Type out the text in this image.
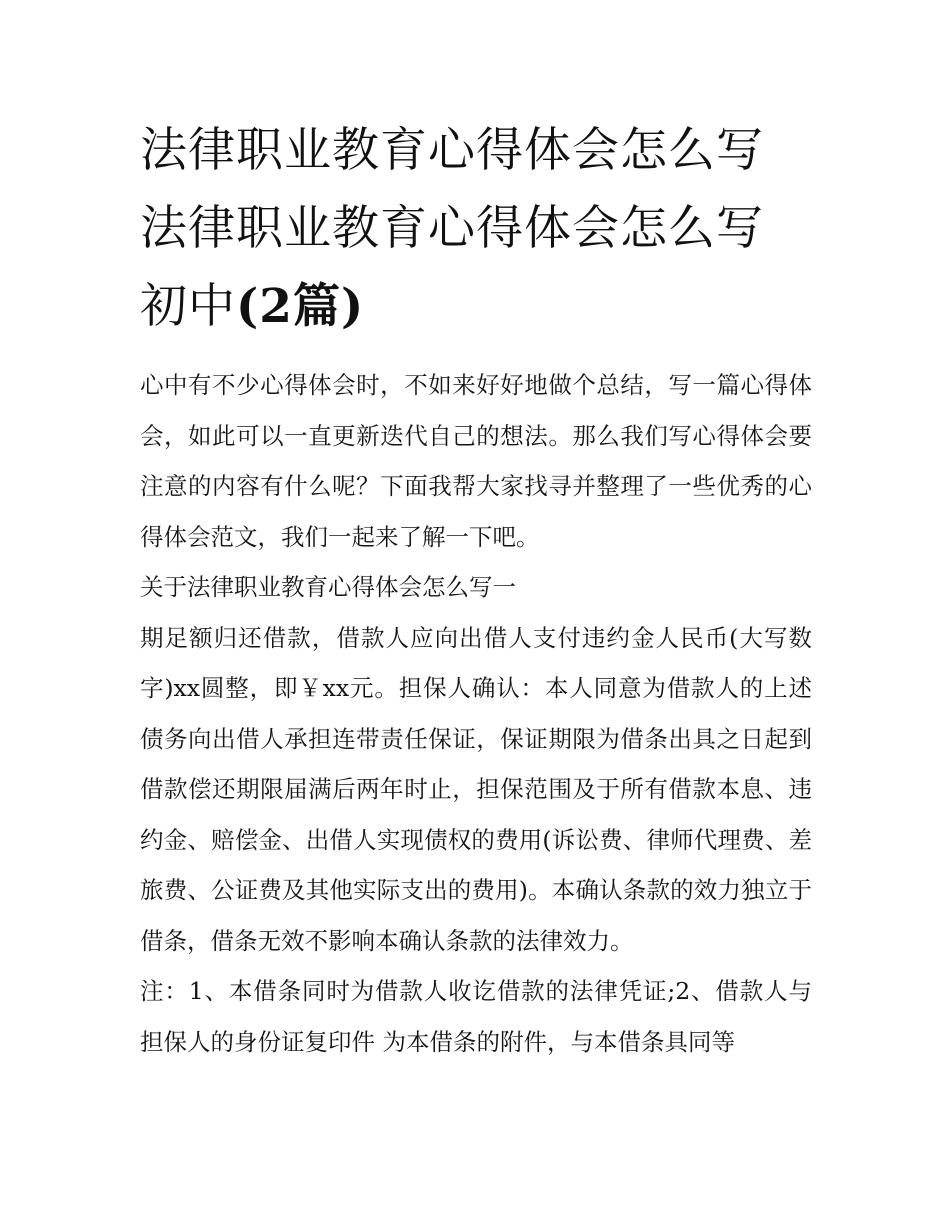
法律职业教育心得体会怎么写
法律职业教育心得体会怎么写
初中(2篇)

心中有不少心得体会时，不如来好好地做个总结，写一篇心得体会，如此可以一直更新迭代自己的想法。那么我们写心得体会要注意的内容有什么呢？下面我帮大家找寻并整理了一些优秀的心得体会范文，我们一起来了解一下吧。

关于法律职业教育心得体会怎么写一

期足额归还借款，借款人应向出借人支付违约金人民币(大写数字)xx圆整，即￥xx元。担保人确认：本人同意为借款人的上述债务向出借人承担连带责任保证，保证期限为借条出具之日起到借款偿还期限届满后两年时止，担保范围及于所有借款本息、违约金、赔偿金、出借人实现债权的费用(诉讼费、律师代理费、差旅费、公证费及其他实际支出的费用)。本确认条款的效力独立于借条，借条无效不影响本确认条款的法律效力。

注：1、本借条同时为借款人收讫借款的法律凭证;2、借款人与担保人的身份证复印件 为本借条的附件，与本借条具同等
